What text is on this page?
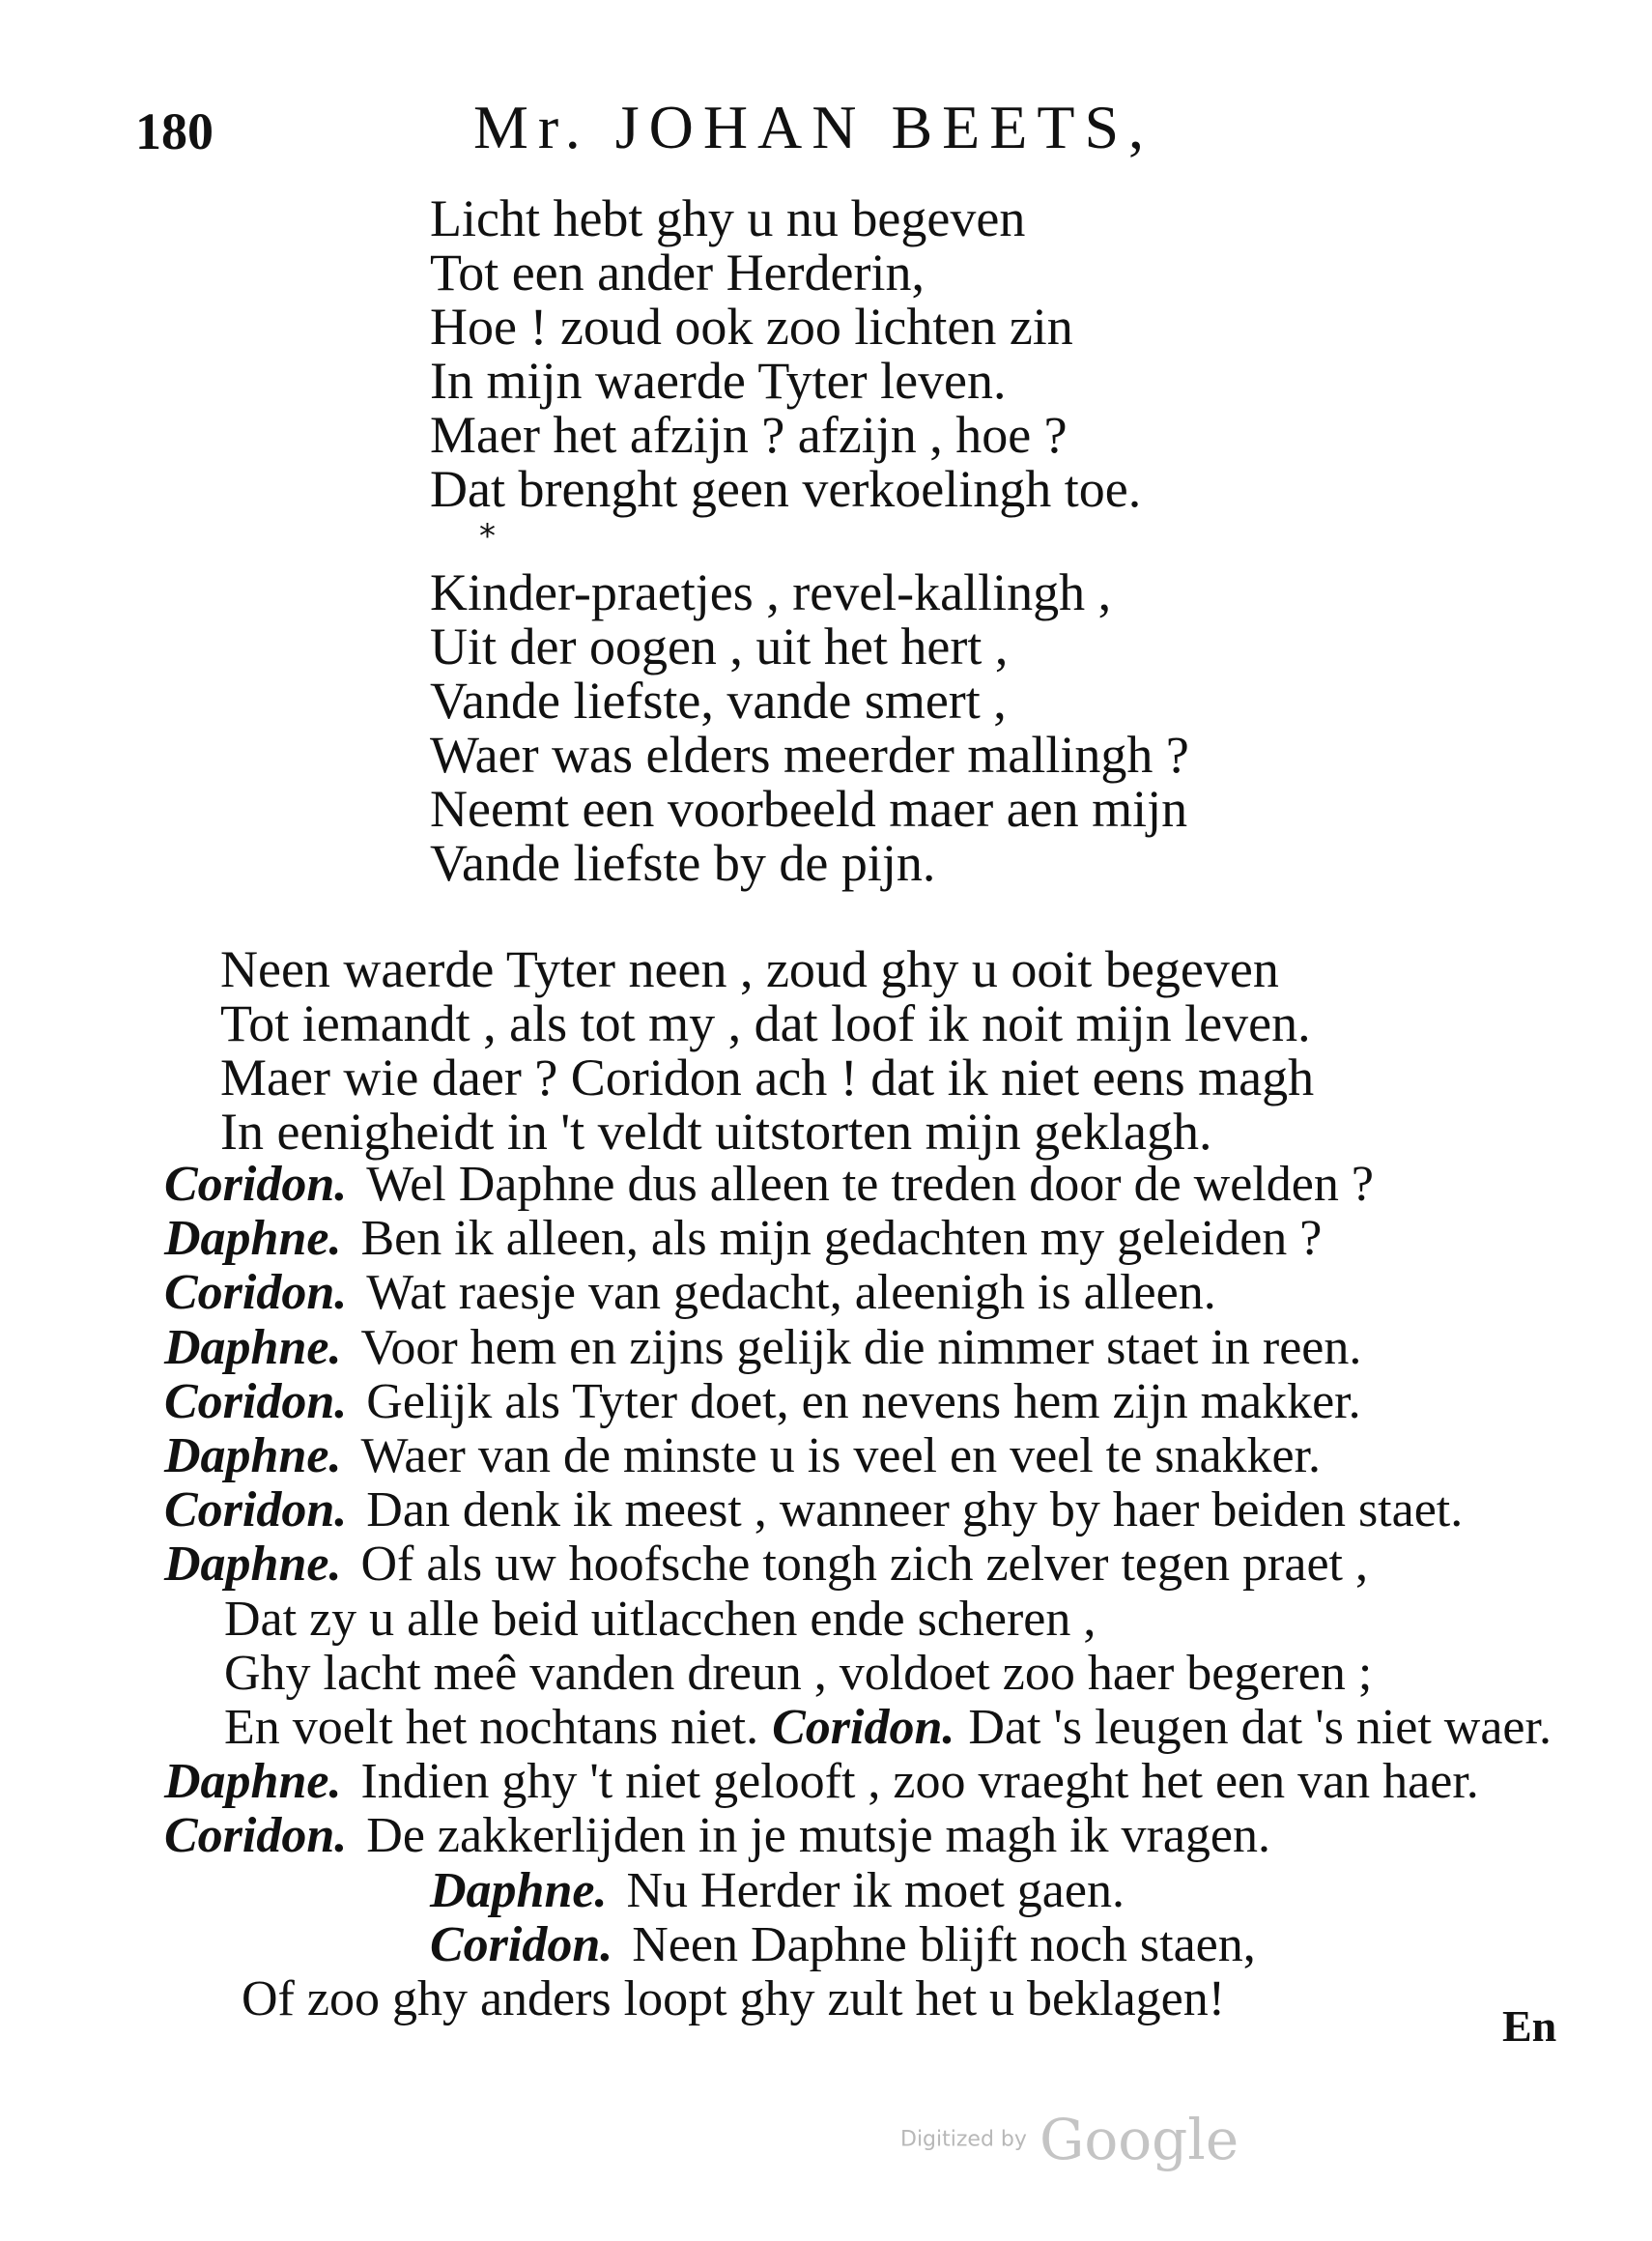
180	Mr. JOHAN BEETS,
Licht hebt ghy u nu begeven
Tot een ander Herderin,
Hoe ! zoud ook zoo lichten zin
In mijn waerde Tyter leven.
Maer het afzijn ? afzijn , hoe ?
Dat brenght geen verkoelingh toe.
*
Kinder-praetjes , revel-kallingh ,
Uit der oogen , uit het hert ,
Vande liefste, vande smert ,
Waer was elders meerder mallingh ?
Neemt een voorbeeld maer aen mijn
Vande liefste by de pijn.
Neen waerde Tyter neen , zoud ghy u ooit begeven
Tot iemandt , als tot my , dat loof ik noit mijn leven.
Maer wie daer ? Coridon ach ! dat ik niet eens magh
In eenigheidt in 't veldt uitstorten mijn geklagh.
Coridon. Wel Daphne dus alleen te treden door de welden ?
Daphne. Ben ik alleen, als mijn gedachten my geleiden ?
Coridon. Wat raesje van gedacht, aleenigh is alleen.
Daphne. Voor hem en zijns gelijk die nimmer staet in reen.
Coridon. Gelijk als Tyter doet, en nevens hem zijn makker.
Daphne. Waer van de minste u is veel en veel te snakker.
Coridon. Dan denk ik meest , wanneer ghy by haer beiden staet.
Daphne. Of als uw hoofsche tongh zich zelver tegen praet ,
Dat zy u alle beid uitlacchen ende scheren ,
Ghy lacht meê vanden dreun , voldoet zoo haer begeren ;
En voelt het nochtans niet. Coridon. Dat 's leugen dat 's niet waer.
Daphne. Indien ghy 't niet gelooft , zoo vraeght het een van haer.
Coridon. De zakkerlijden in je mutsje magh ik vragen.
Daphne. Nu Herder ik moet gaen.
Coridon. Neen Daphne blijft noch staen,
Of zoo ghy anders loopt ghy zult het u beklagen!	En
Digitized by Google
